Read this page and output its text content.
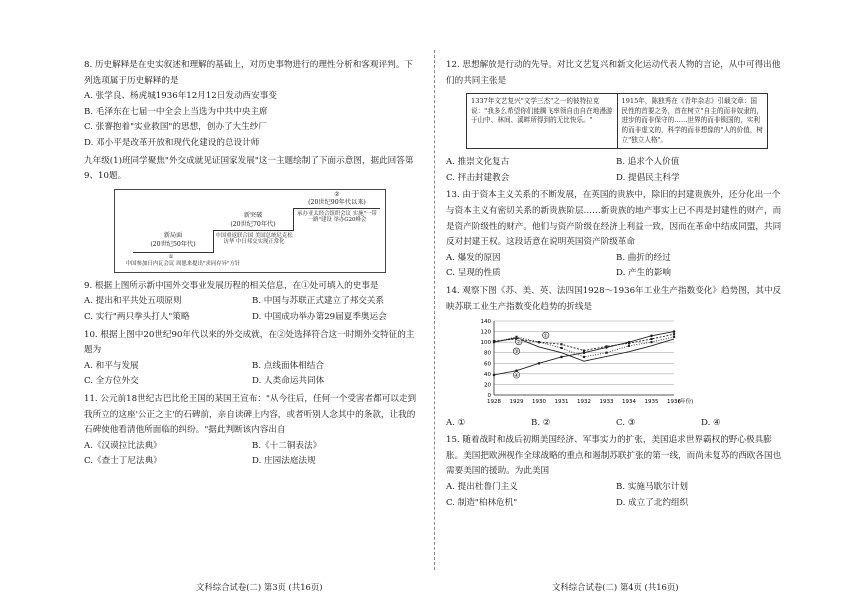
8. 历史解释是在史实叙述和理解的基础上，对历史事物进行的理性分析和客观评判。下列选项属于历史解释的是
A. 张学良、杨虎城1936年12月12日发动西安事变
B. 毛泽东在七届一中全会上当选为中共中央主席
C. 张謇抱着"实业救国"的思想，创办了大生纱厂
D. 邓小平是改革开放和现代化建设的总设计师
九年级(1)班同学聚焦"外交成就见证国家发展"这一主题绘制了下面示意图，据此回答第9、10题。
新局面
(20世纪50年代)
①
中国参加日内瓦会议 周恩来提出"求同存异"方针
新突破
(20世纪70年代)
中国重返联合国 美国总统尼克松访华 中日邦交实现正常化
②
(20世纪90年代以来)
承办亚太经合组织会议 实施"一带一路"建设 举办G20峰会
9. 根据上图所示新中国外交事业发展历程的相关信息，在①处可填入的史事是
A. 提出和平共处五项原则	B. 中国与苏联正式建立了邦交关系
C. 实行"两只拳头打人"策略	D. 中国成功举办第29届夏季奥运会
10. 根据上图中20世纪90年代以来的外交成就，在②处选择符合这一时期外交特征的主题为
A. 和平与发展	B. 点线面体相结合
C. 全方位外交	D. 人类命运共同体
11. 公元前18世纪古巴比伦王国的某国王宣布："从今往后，任何一个受害者都可以走到我所立的这座'公正之主'的石碑前，亲自读碑上内容，或者听别人念其中的条款，让我的石碑使他看清他所面临的纠纷。"据此判断该内容出自
A.《汉谟拉比法典》	B.《十二铜表法》
C.《查士丁尼法典》	D. 庄园法庭法规
12. 思想解放是行动的先导。对比文艺复兴和新文化运动代表人物的言论，从中可得出他们的共同主张是
1337年文艺复兴"文学三杰"之一的彼特拉克说："我多么希望你们能腾飞率领自由自在地漫游于山中、林间、溪畔所得到的无比快乐。"
1915年，陈独秀在《青年杂志》引载文章：国民性的首要之务，首在树立"自主的而非奴隶的，进步的而非保守的……世界的而非锁国的，实利的而非虚文的，科学的而非想像的"人的价值，树立"独立人格"。
A. 推崇文化复古	B. 追求个人价值
C. 抨击封建教会	D. 提倡民主科学
13. 由于资本主义关系的不断发展，在英国的贵族中，除旧的封建贵族外，还分化出一个与资本主义有密切关系的新贵族阶层……新贵族的地产事实上已不再是封建性的财产，而是资产阶级性的财产。他们与资产阶级在经济上利益一致，因而在革命中结成同盟，共同反对封建王权。这段话意在说明英国资产阶级革命
A. 爆发的原因	B. 曲折的经过
C. 呈现的性质	D. 产生的影响
14. 观察下图《苏、美、英、法四国1928～1936年工业生产指数变化》趋势图，其中反映苏联工业生产指数变化趋势的折线是
0
20
40
60
80
100
120
140
1928 1929 1930 1931 1932 1933 1934 1935 1936
(年份)
①
②
③
④
A. ①	B. ②	C. ③	D. ④
15. 随着战时和战后初期美国经济、军事实力的扩张，美国追求世界霸权的野心极具膨胀。美国把欧洲视作全球战略的重点和遏制苏联扩张的第一线，而尚未复苏的西欧各国也需要美国的援助。为此美国
A. 提出杜鲁门主义	B. 实施马歇尔计划
C. 制造"柏林危机"	D. 成立了北约组织
文科综合试卷(二) 第3页 (共16页)	文科综合试卷(二) 第4页 (共16页)
